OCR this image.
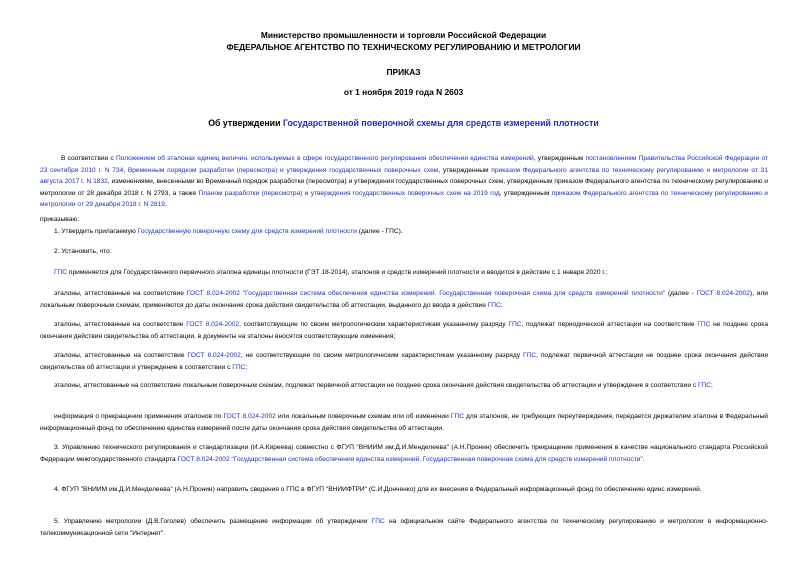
Министерство промышленности и торговли Российской Федерации
ФЕДЕРАЛЬНОЕ АГЕНТСТВО ПО ТЕХНИЧЕСКОМУ РЕГУЛИРОВАНИЮ И МЕТРОЛОГИИ
ПРИКАЗ
от 1 ноября 2019 года N 2603
Об утверждении Государственной поверочной схемы для средств измерений плотности
В соответствии с Положением об эталонах единиц величин, используемых в сфере государственного регулирования обеспечения единства измерений, утвержденным постановлением Правительства Российской Федерации от 23 сентября 2010 г. N 734, Временным порядком разработки (пересмотра) и утверждения государственных поверочных схем, утвержденным приказом Федерального агентства по техническому регулированию и метрологии от 31 августа 2017 г. N 1832, изменениями, внесенными во Временный порядок разработки (пересмотра) и утверждения государственных поверочных схем, утвержденным приказом Федерального агентства по техническому регулированию и метрологии от 28 декабря 2018 г. N 2793, а также Планом разработки (пересмотра) и утверждения государственных поверочных схем на 2019 год, утвержденным приказом Федерального агентства по техническому регулированию и метрологии от 29 декабря 2018 г. N 2819,
приказываю:
1. Утвердить прилагаемую Государственную поверочную схему для средств измерений плотности (далее - ГПС).
2. Установить, что:
ГПС применяется для Государственного первичного эталона единицы плотности (ГЭТ 18-2014), эталонов и средств измерений плотности и вводится в действие с 1 января 2020 г.;
эталоны, аттестованные на соответствие ГОСТ 8.024-2002 "Государственная система обеспечения единства измерений. Государственная поверочная схема для средств измерений плотности" (далее - ГОСТ 8.024-2002), или локальным поверочным схемам, применяются до даты окончания срока действия свидетельства об аттестации, выданного до ввода в действие ГПС;
эталоны, аттестованные на соответствие ГОСТ 8.024-2002, соответствующие по своим метрологическим характеристикам указанному разряду ГПС, подлежат периодической аттестации на соответствие ГПС не позднее срока окончания действия свидетельства об аттестации, в документы на эталоны вносятся соответствующие изменения;
эталоны, аттестованные на соответствие ГОСТ 8.024-2002, не соответствующие по своим метрологическим характеристикам указанному разряду ГПС, подлежат первичной аттестации не позднее срока окончания действия свидетельства об аттестации и утверждение в соответствии с ГПС;
эталоны, аттестованные на соответствие локальным поверочным схемам, подлежат первичной аттестации не позднее срока окончания действия свидетельства об аттестации и утверждение в соответствии с ГПС;
информация о прекращении применения эталонов по ГОСТ 8.024-2002 или локальным поверочным схемам или об изменении ГПС для эталонов, не требующих переутверждения, передается держателем эталона в Федеральный информационный фонд по обеспечению единства измерений после даты окончания срока действия свидетельства об аттестации.
3. Управлению технического регулирования и стандартизации (И.А.Киреева) совместно с ФГУП "ВНИИМ им.Д.И.Менделеева" (А.Н.Пронин) обеспечить прекращение применения в качестве национального стандарта Российской Федерации межгосударственного стандарта ГОСТ 8.024-2002 "Государственная система обеспечения единства измерений. Государственная поверочная схема для средств измерений плотности".
4. ФГУП "ВНИИМ им.Д.И.Менделеева" (А.Н.Пронин) направить сведения о ГПС в ФГУП "ВНИИФТРИ" (С.И.Донченко) для их внесения в Федеральный информационный фонд по обеспечению единс измерений.
5. Управлению метрологии (Д.В.Гоголев) обеспечить размещение информации об утверждении ГПС на официальном сайте Федерального агентства по техническому регулированию и метрологии в информационно-телекоммуникационной сети "Интернет".
